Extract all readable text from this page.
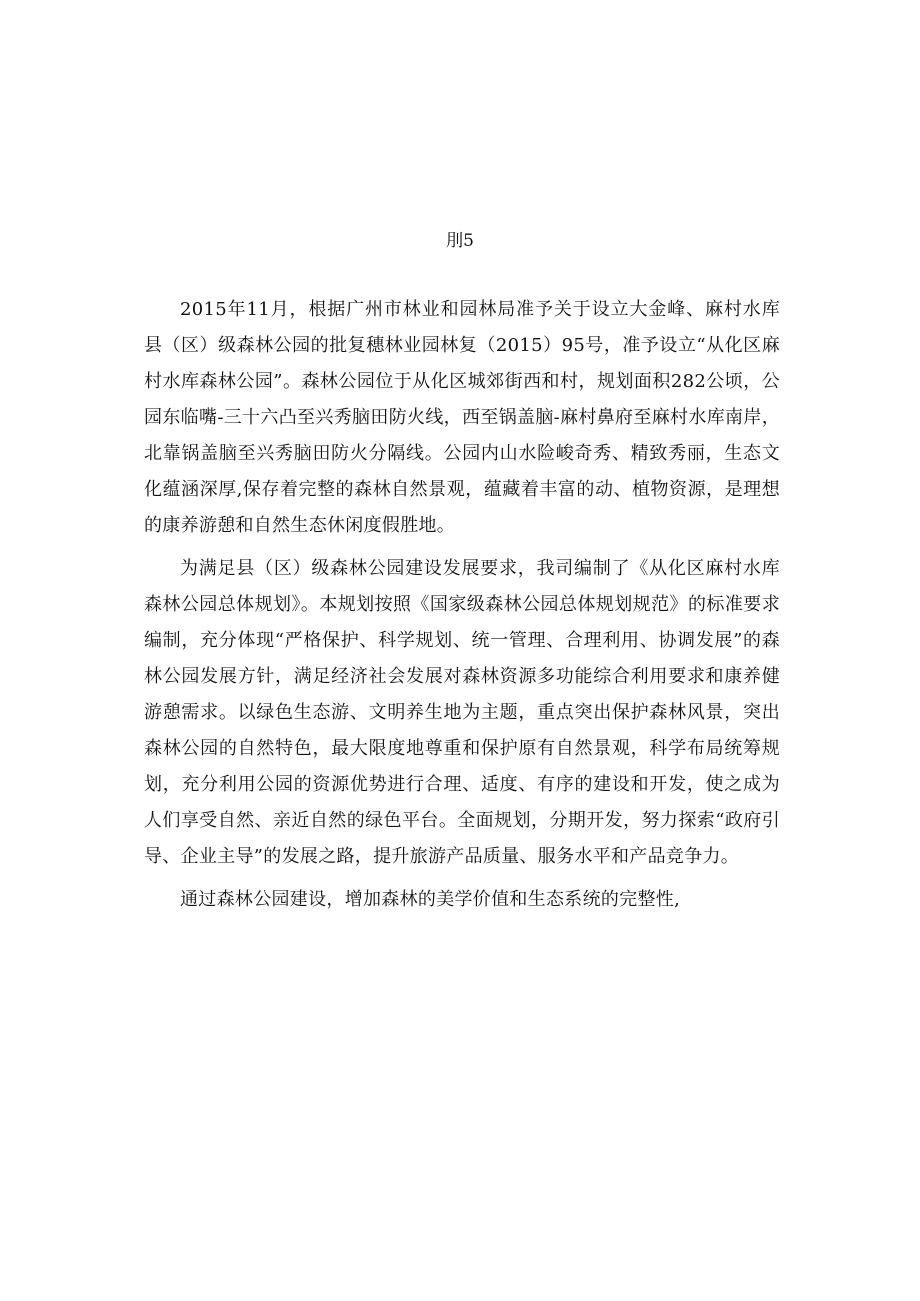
刖5

2015年11月，根据广州市林业和园林局准予关于设立大金峰、麻村水库县（区）级森林公园的批复穗林业园林复（2015）95号，准予设立“从化区麻村水库森林公园”。森林公园位于从化区城郊街西和村，规划面积282公顷，公园东临嘴-三十六凸至兴秀脑田防火线，西至锅盖脑-麻村鼻府至麻村水库南岸，北靠锅盖脑至兴秀脑田防火分隔线。公园内山水险峻奇秀、精致秀丽，生态文化蕴涵深厚,保存着完整的森林自然景观，蕴藏着丰富的动、植物资源，是理想的康养游憩和自然生态休闲度假胜地。

为满足县（区）级森林公园建设发展要求，我司编制了《从化区麻村水库森林公园总体规划》。本规划按照《国家级森林公园总体规划规范》的标准要求编制，充分体现“严格保护、科学规划、统一管理、合理利用、协调发展”的森林公园发展方针，满足经济社会发展对森林资源多功能综合利用要求和康养健游憩需求。以绿色生态游、文明养生地为主题，重点突出保护森林风景，突出森林公园的自然特色，最大限度地尊重和保护原有自然景观，科学布局统筹规划，充分利用公园的资源优势进行合理、适度、有序的建设和开发，使之成为人们享受自然、亲近自然的绿色平台。全面规划，分期开发，努力探索“政府引导、企业主导”的发展之路，提升旅游产品质量、服务水平和产品竞争力。

通过森林公园建设，增加森林的美学价值和生态系统的完整性,
